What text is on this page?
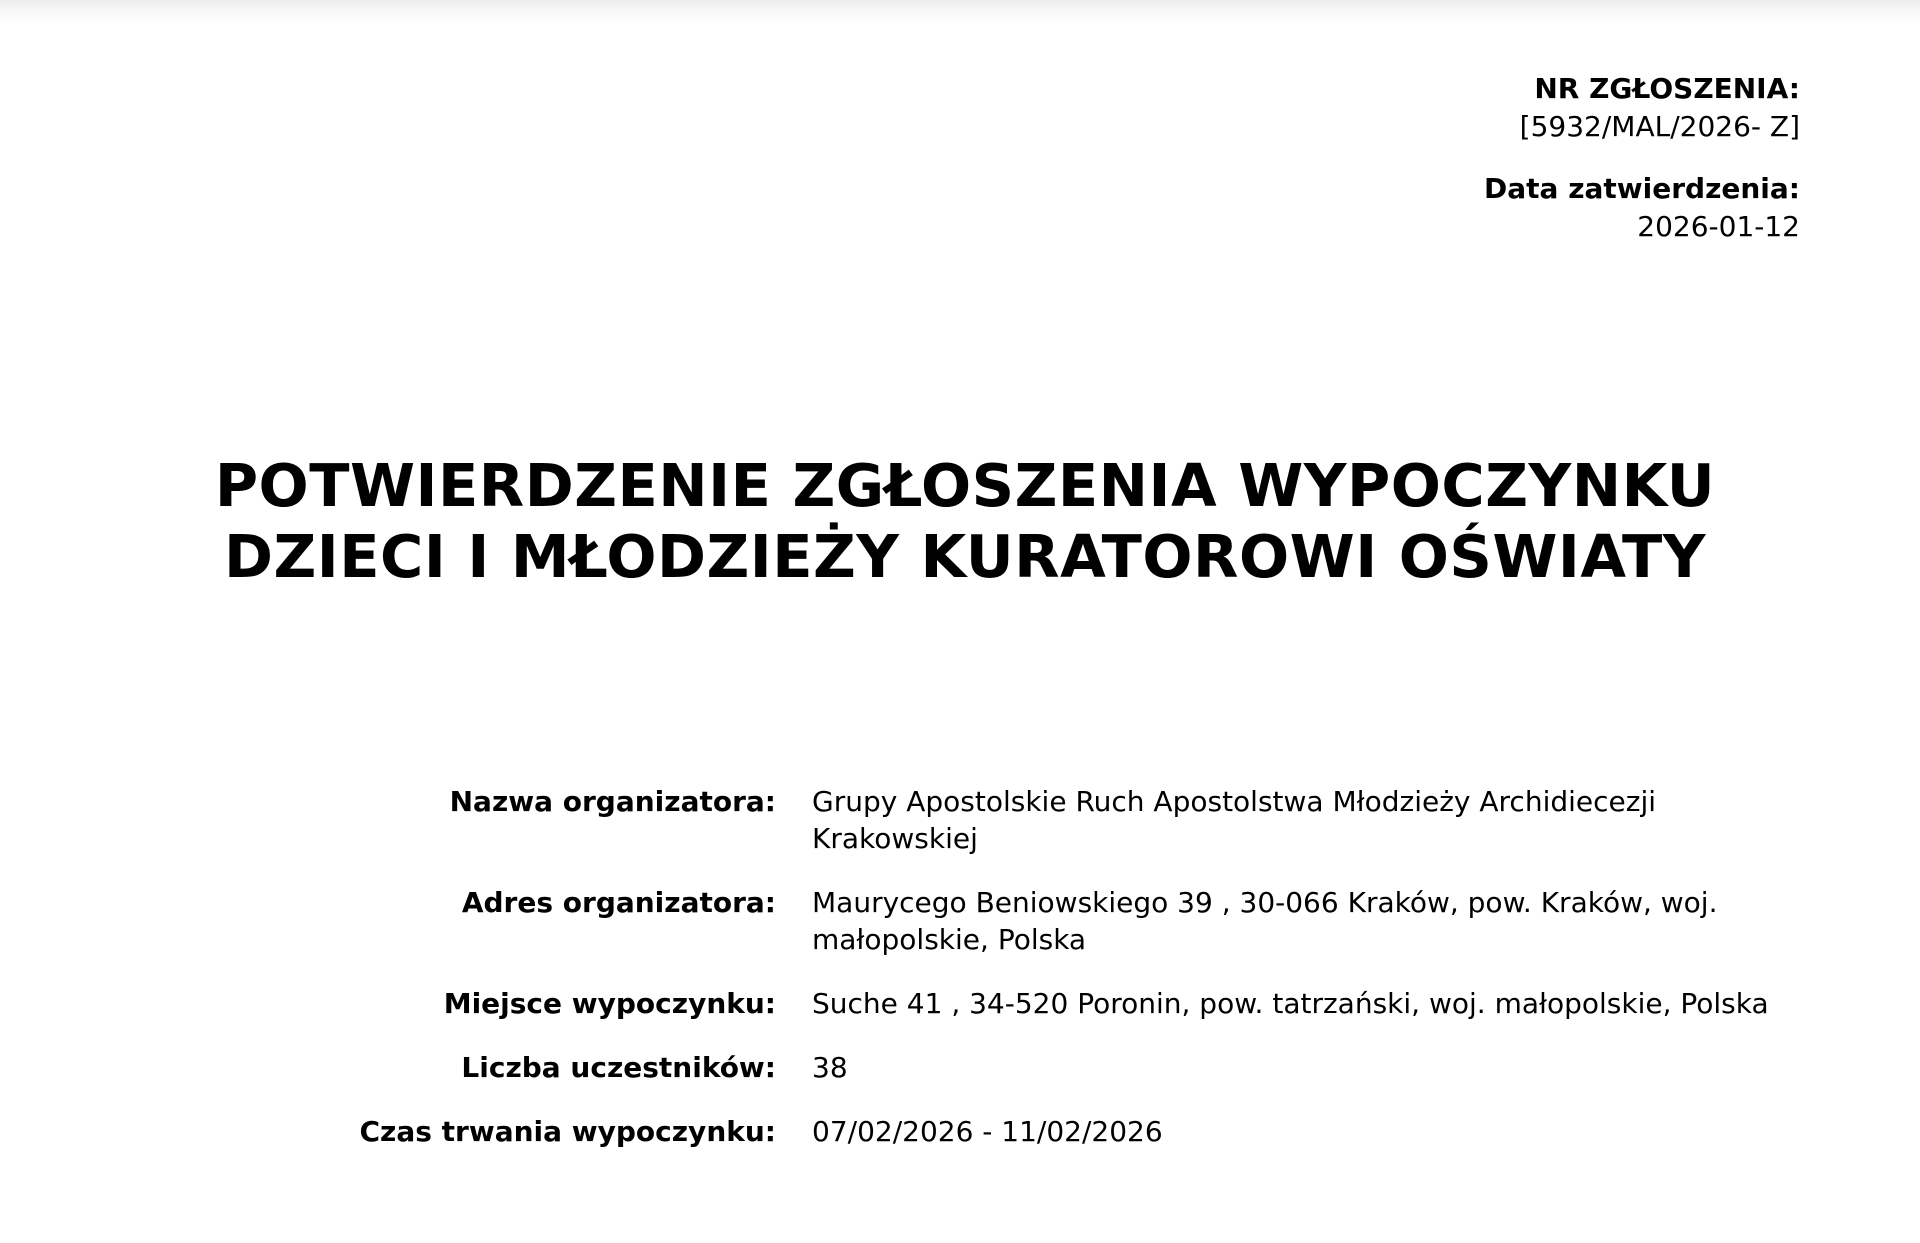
NR ZGŁOSZENIA:
[5932/MAL/2026- Z]
Data zatwierdzenia:
2026-01-12
POTWIERDZENIE ZGŁOSZENIA WYPOCZYNKU
DZIECI I MŁODZIEŻY KURATOROWI OŚWIATY
Nazwa organizatora: Grupy Apostolskie Ruch Apostolstwa Młodzieży Archidiecezji Krakowskiej
Adres organizatora: Maurycego Beniowskiego 39 , 30-066 Kraków, pow. Kraków, woj. małopolskie, Polska
Miejsce wypoczynku: Suche 41 , 34-520 Poronin, pow. tatrzański, woj. małopolskie, Polska
Liczba uczestników: 38
Czas trwania wypoczynku: 07/02/2026 - 11/02/2026
